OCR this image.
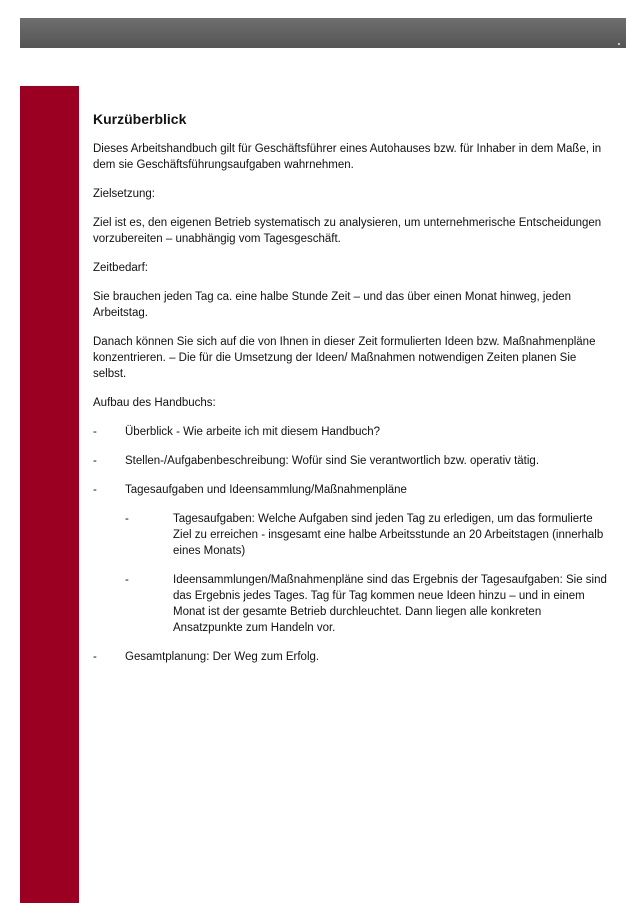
Kurzüberblick

Dieses Arbeitshandbuch gilt für Geschäftsführer eines Autohauses bzw. für Inhaber in dem Maße, in dem sie Geschäftsführungsaufgaben wahrnehmen.

Zielsetzung:

Ziel ist es, den eigenen Betrieb systematisch zu analysieren, um unternehmerische Entscheidungen vorzubereiten – unabhängig vom Tagesgeschäft.

Zeitbedarf:

Sie brauchen jeden Tag ca. eine halbe Stunde Zeit – und das über einen Monat hinweg, jeden Arbeitstag.

Danach können Sie sich auf die von Ihnen in dieser Zeit formulierten Ideen bzw. Maßnahmenpläne konzentrieren. – Die für die Umsetzung der Ideen/ Maßnahmen notwendigen Zeiten planen Sie selbst.

Aufbau des Handbuchs:

-	Überblick - Wie arbeite ich mit diesem Handbuch?
-	Stellen-/Aufgabenbeschreibung: Wofür sind Sie verantwortlich bzw. operativ tätig.
-	Tagesaufgaben und Ideensammlung/Maßnahmenpläne
-	Tagesaufgaben: Welche Aufgaben sind jeden Tag zu erledigen, um das formulierte Ziel zu erreichen - insgesamt eine halbe Arbeitsstunde an 20 Arbeitstagen (innerhalb eines Monats)
-	Ideensammlungen/Maßnahmenpläne sind das Ergebnis der Tagesaufgaben: Sie sind das Ergebnis jedes Tages. Tag für Tag kommen neue Ideen hinzu – und in einem Monat ist der gesamte Betrieb durchleuchtet. Dann liegen alle konkreten Ansatzpunkte zum Handeln vor.
-	Gesamtplanung: Der Weg zum Erfolg.
